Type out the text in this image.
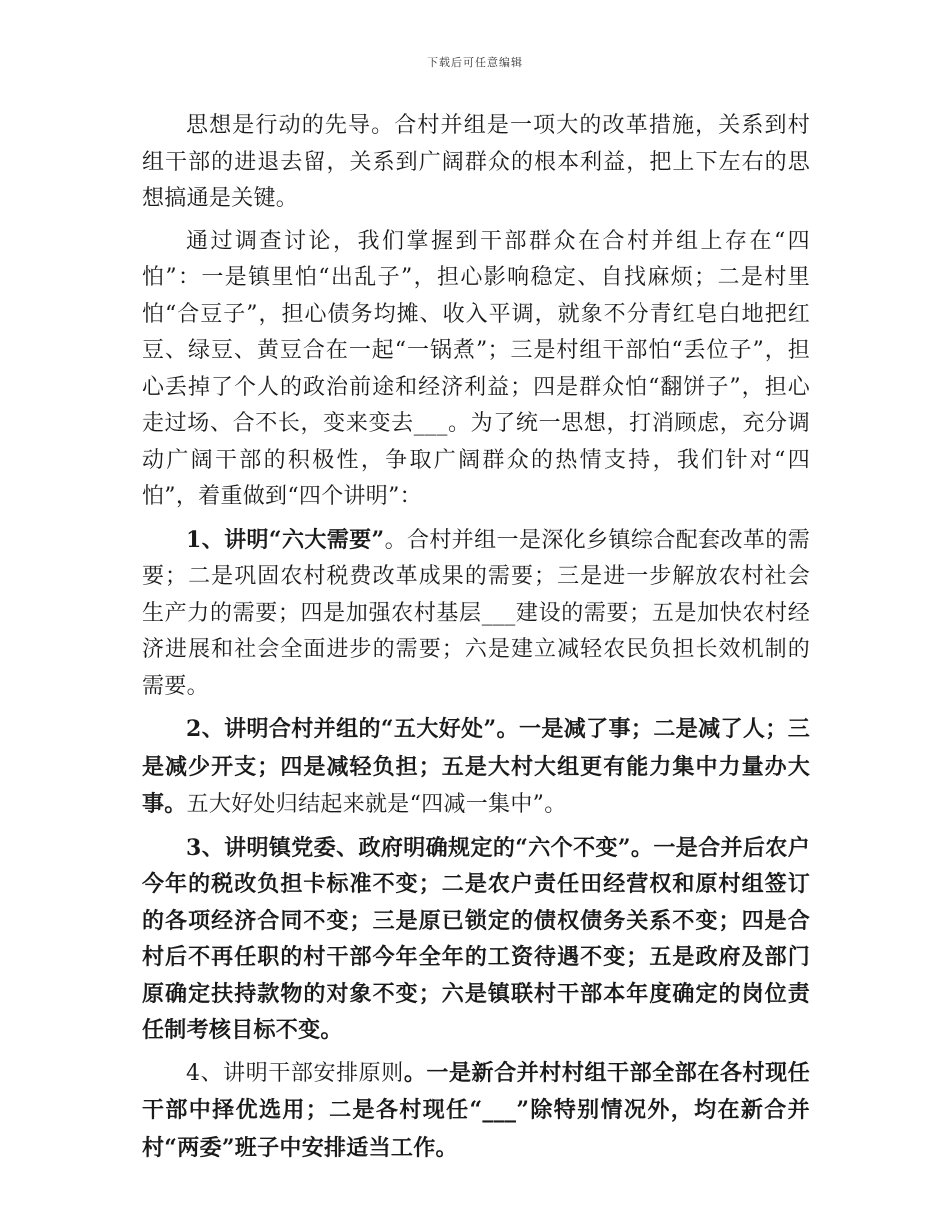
下载后可任意编辑

思想是行动的先导。合村并组是一项大的改革措施，关系到村组干部的进退去留，关系到广阔群众的根本利益，把上下左右的思想搞通是关键。

通过调查讨论，我们掌握到干部群众在合村并组上存在“四怕”：一是镇里怕“出乱子”，担心影响稳定、自找麻烦；二是村里怕“合豆子”，担心债务均摊、收入平调，就象不分青红皂白地把红豆、绿豆、黄豆合在一起“一锅煮”；三是村组干部怕“丢位子”，担心丢掉了个人的政治前途和经济利益；四是群众怕“翻饼子”，担心走过场、合不长，变来变去___。为了统一思想，打消顾虑，充分调动广阔干部的积极性，争取广阔群众的热情支持，我们针对“四怕”，着重做到“四个讲明”：

1、讲明“六大需要”。合村并组一是深化乡镇综合配套改革的需要；二是巩固农村税费改革成果的需要；三是进一步解放农村社会生产力的需要；四是加强农村基层___建设的需要；五是加快农村经济进展和社会全面进步的需要；六是建立减轻农民负担长效机制的需要。

2、讲明合村并组的“五大好处”。一是减了事；二是减了人；三是减少开支；四是减轻负担；五是大村大组更有能力集中力量办大事。五大好处归结起来就是“四减一集中”。

3、讲明镇党委、政府明确规定的“六个不变”。一是合并后农户今年的税改负担卡标准不变；二是农户责任田经营权和原村组签订的各项经济合同不变；三是原已锁定的债权债务关系不变；四是合村后不再任职的村干部今年全年的工资待遇不变；五是政府及部门原确定扶持款物的对象不变；六是镇联村干部本年度确定的岗位责任制考核目标不变。

4、讲明干部安排原则。一是新合并村村组干部全部在各村现任干部中择优选用；二是各村现任“___”除特别情况外，均在新合并村“两委”班子中安排适当工作。
